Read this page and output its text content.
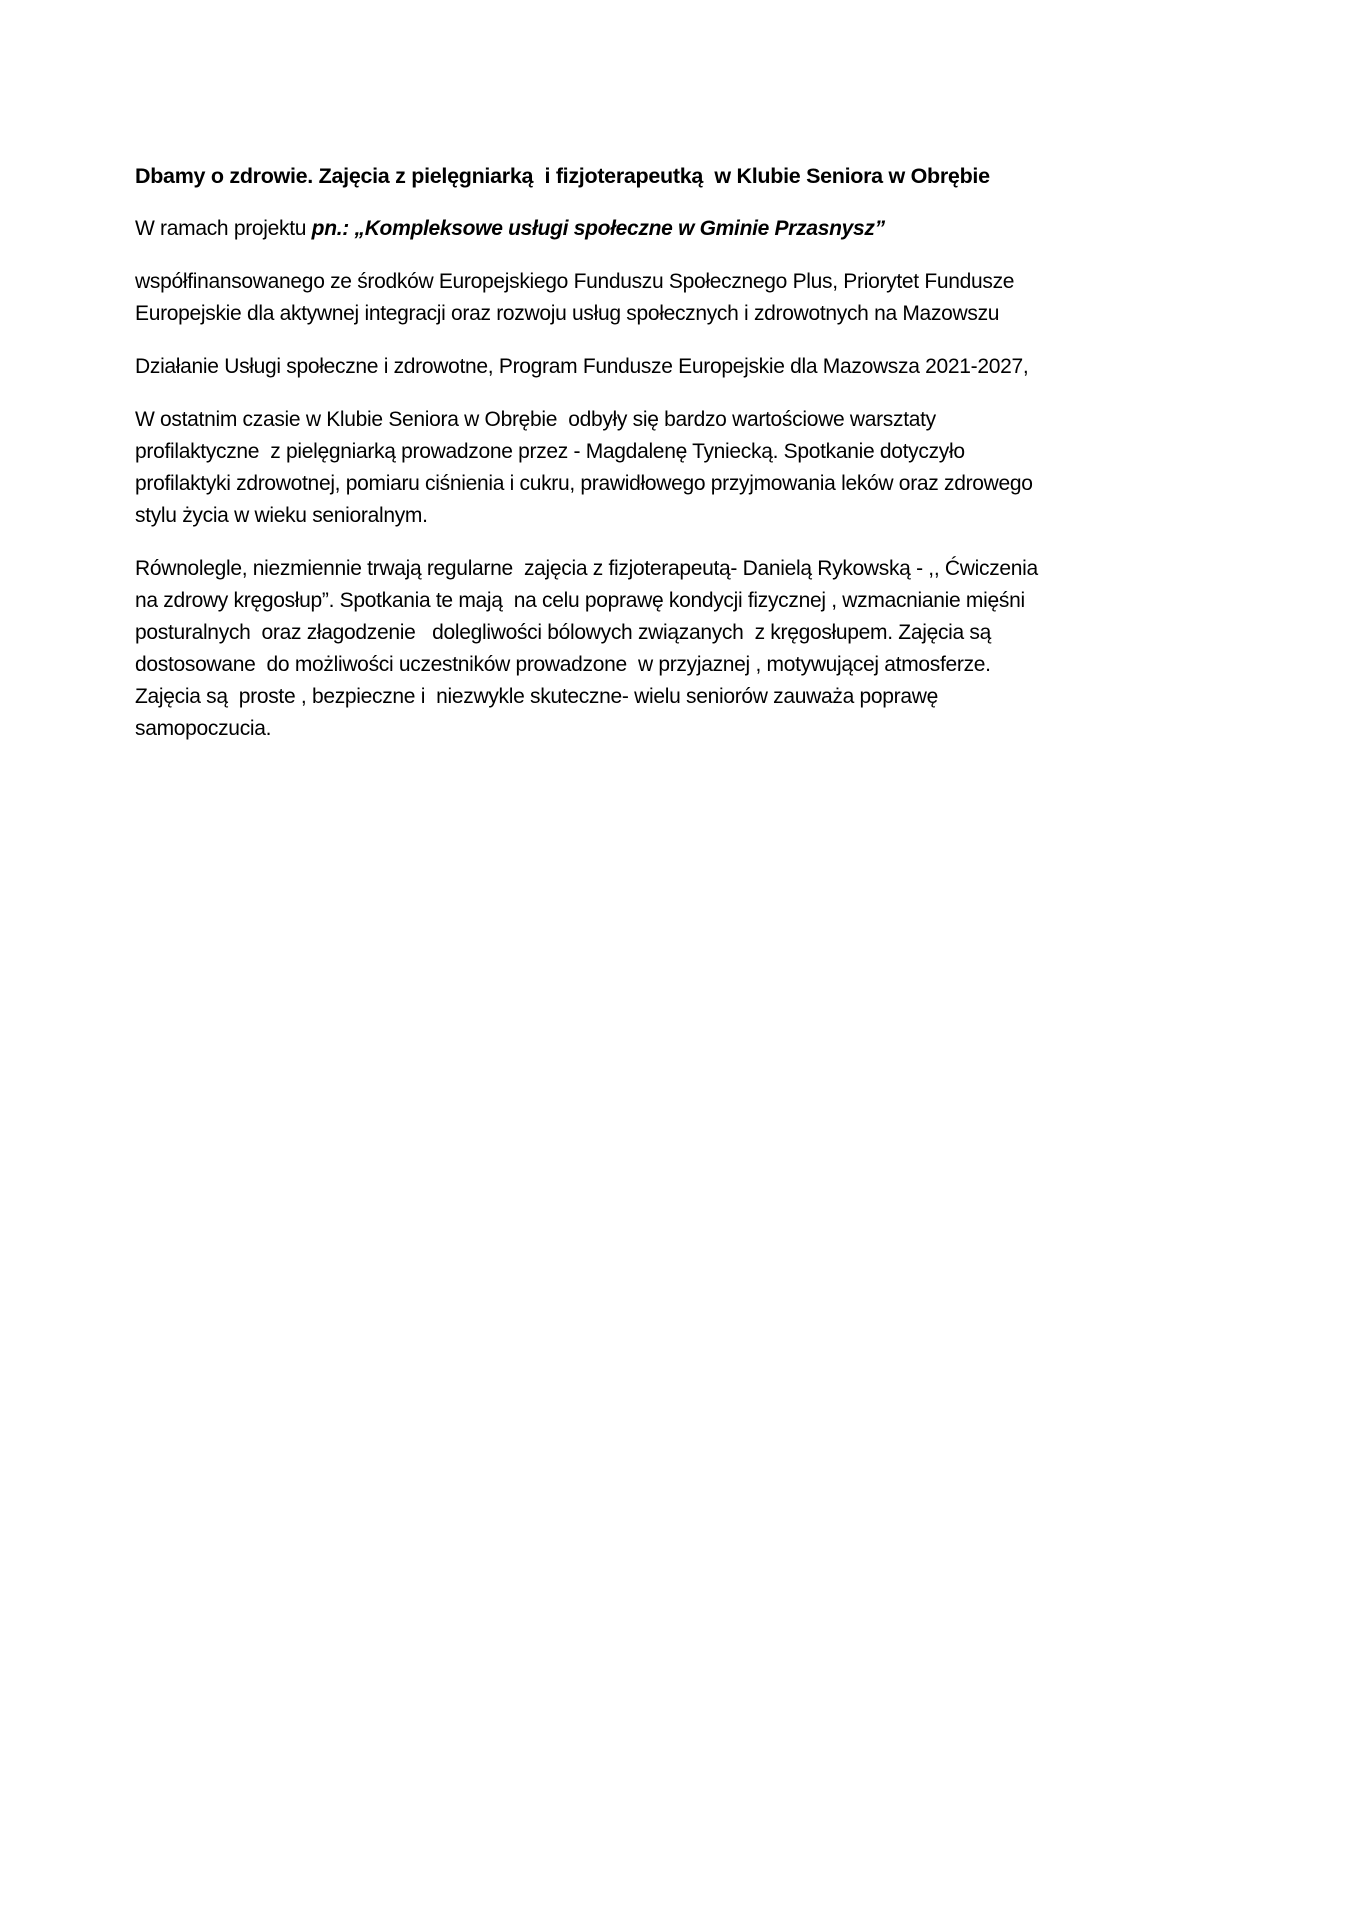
Dbamy o zdrowie. Zajęcia z pielęgniarką  i fizjoterapeutką  w Klubie Seniora w Obrębie

W ramach projektu pn.: „Kompleksowe usługi społeczne w Gminie Przasnysz”

współfinansowanego ze środków Europejskiego Funduszu Społecznego Plus, Priorytet Fundusze
Europejskie dla aktywnej integracji oraz rozwoju usług społecznych i zdrowotnych na Mazowszu

Działanie Usługi społeczne i zdrowotne, Program Fundusze Europejskie dla Mazowsza 2021-2027,

W ostatnim czasie w Klubie Seniora w Obrębie  odbyły się bardzo wartościowe warsztaty
profilaktyczne  z pielęgniarką prowadzone przez - Magdalenę Tyniecką. Spotkanie dotyczyło
profilaktyki zdrowotnej, pomiaru ciśnienia i cukru, prawidłowego przyjmowania leków oraz zdrowego
stylu życia w wieku senioralnym.

Równolegle, niezmiennie trwają regularne  zajęcia z fizjoterapeutą- Danielą Rykowską - ,, Ćwiczenia
na zdrowy kręgosłup”. Spotkania te mają  na celu poprawę kondycji fizycznej , wzmacnianie mięśni
posturalnych  oraz złagodzenie   dolegliwości bólowych związanych  z kręgosłupem. Zajęcia są
dostosowane  do możliwości uczestników prowadzone  w przyjaznej , motywującej atmosferze.
Zajęcia są  proste , bezpieczne i  niezwykle skuteczne- wielu seniorów zauważa poprawę
samopoczucia.
